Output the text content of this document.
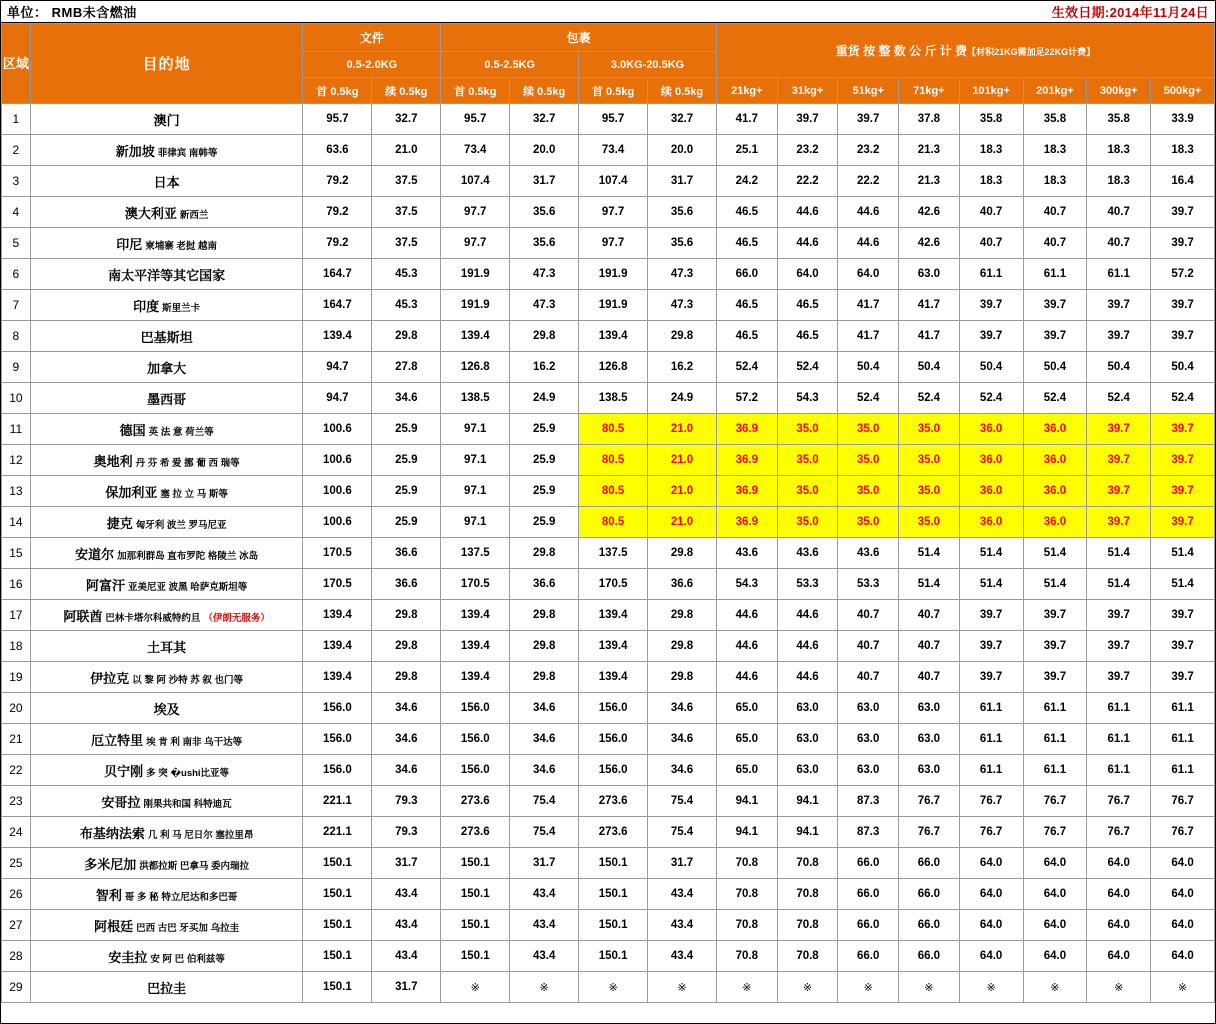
单位： RMB未含燃油	生效日期:2014年11月24日
区域	目的地	文件		包裹				重货 按 整 数 公 斤 计 费【材积21KG需加足22KG计费】							
		0.5-2.0KG		0.5-2.5KG		3.0KG-20.5KG									
		首 0.5kg	续 0.5kg	首 0.5kg	续 0.5kg	首 0.5kg	续 0.5kg	21kg+	31kg+	51kg+	71kg+	101kg+	201kg+	300kg+	500kg+
1	澳门	95.7	32.7	95.7	32.7	95.7	32.7	41.7	39.7	39.7	37.8	35.8	35.8	35.8	33.9
2	新加坡 菲律宾 南韩等	63.6	21.0	73.4	20.0	73.4	20.0	25.1	23.2	23.2	21.3	18.3	18.3	18.3	18.3
3	日本	79.2	37.5	107.4	31.7	107.4	31.7	24.2	22.2	22.2	21.3	18.3	18.3	18.3	16.4
4	澳大利亚 新西兰	79.2	37.5	97.7	35.6	97.7	35.6	46.5	44.6	44.6	42.6	40.7	40.7	40.7	39.7
5	印尼 柬埔寨 老挝 越南	79.2	37.5	97.7	35.6	97.7	35.6	46.5	44.6	44.6	42.6	40.7	40.7	40.7	39.7
6	南太平洋等其它国家	164.7	45.3	191.9	47.3	191.9	47.3	66.0	64.0	64.0	63.0	61.1	61.1	61.1	57.2
7	印度 斯里兰卡	164.7	45.3	191.9	47.3	191.9	47.3	46.5	46.5	41.7	41.7	39.7	39.7	39.7	39.7
8	巴基斯坦	139.4	29.8	139.4	29.8	139.4	29.8	46.5	46.5	41.7	41.7	39.7	39.7	39.7	39.7
9	加拿大	94.7	27.8	126.8	16.2	126.8	16.2	52.4	52.4	50.4	50.4	50.4	50.4	50.4	50.4
10	墨西哥	94.7	34.6	138.5	24.9	138.5	24.9	57.2	54.3	52.4	52.4	52.4	52.4	52.4	52.4
11	德国 英 法 意 荷兰等	100.6	25.9	97.1	25.9	80.5	21.0	36.9	35.0	35.0	35.0	36.0	36.0	39.7	39.7
12	奥地利 丹 芬 希 爱 挪 葡 西 瑞等	100.6	25.9	97.1	25.9	80.5	21.0	36.9	35.0	35.0	35.0	36.0	36.0	39.7	39.7
13	保加利亚 塞 拉 立 马 斯等	100.6	25.9	97.1	25.9	80.5	21.0	36.9	35.0	35.0	35.0	36.0	36.0	39.7	39.7
14	捷克 匈牙利 波兰 罗马尼亚	100.6	25.9	97.1	25.9	80.5	21.0	36.9	35.0	35.0	35.0	36.0	36.0	39.7	39.7
15	安道尔 加那利群岛 直布罗陀 格陵兰 冰岛	170.5	36.6	137.5	29.8	137.5	29.8	43.6	43.6	43.6	51.4	51.4	51.4	51.4	51.4
16	阿富汗 亚美尼亚 波黑 哈萨克斯坦等	170.5	36.6	170.5	36.6	170.5	36.6	54.3	53.3	53.3	51.4	51.4	51.4	51.4	51.4
17	阿联酋 巴林卡塔尔科威特约旦 （伊朗无服务）	139.4	29.8	139.4	29.8	139.4	29.8	44.6	44.6	40.7	40.7	39.7	39.7	39.7	39.7
18	土耳其	139.4	29.8	139.4	29.8	139.4	29.8	44.6	44.6	40.7	40.7	39.7	39.7	39.7	39.7
19	伊拉克 以 黎 阿 沙特 苏 叙 也门等	139.4	29.8	139.4	29.8	139.4	29.8	44.6	44.6	40.7	40.7	39.7	39.7	39.7	39.7
20	埃及	156.0	34.6	156.0	34.6	156.0	34.6	65.0	63.0	63.0	63.0	61.1	61.1	61.1	61.1
21	厄立特里 埃 肯 利 南非 乌干达等	156.0	34.6	156.0	34.6	156.0	34.6	65.0	63.0	63.0	63.0	61.1	61.1	61.1	61.1
22	贝宁刚 多 突 �ushi比亚等	156.0	34.6	156.0	34.6	156.0	34.6	65.0	63.0	63.0	63.0	61.1	61.1	61.1	61.1
23	安哥拉 刚果共和国 科特迪瓦	221.1	79.3	273.6	75.4	273.6	75.4	94.1	94.1	87.3	76.7	76.7	76.7	76.7	76.7
24	布基纳法索 几 利 马 尼日尔 塞拉里昂	221.1	79.3	273.6	75.4	273.6	75.4	94.1	94.1	87.3	76.7	76.7	76.7	76.7	76.7
25	多米尼加 洪都拉斯 巴拿马 委内瑞拉	150.1	31.7	150.1	31.7	150.1	31.7	70.8	70.8	66.0	66.0	64.0	64.0	64.0	64.0
26	智利 哥 多 秘 特立尼达和多巴哥	150.1	43.4	150.1	43.4	150.1	43.4	70.8	70.8	66.0	66.0	64.0	64.0	64.0	64.0
27	阿根廷 巴西 古巴 牙买加 乌拉圭	150.1	43.4	150.1	43.4	150.1	43.4	70.8	70.8	66.0	66.0	64.0	64.0	64.0	64.0
28	安圭拉 安 阿 巴 伯利兹等	150.1	43.4	150.1	43.4	150.1	43.4	70.8	70.8	66.0	66.0	64.0	64.0	64.0	64.0
29	巴拉圭	150.1	31.7	※	※	※	※	※	※	※	※	※	※	※	※
